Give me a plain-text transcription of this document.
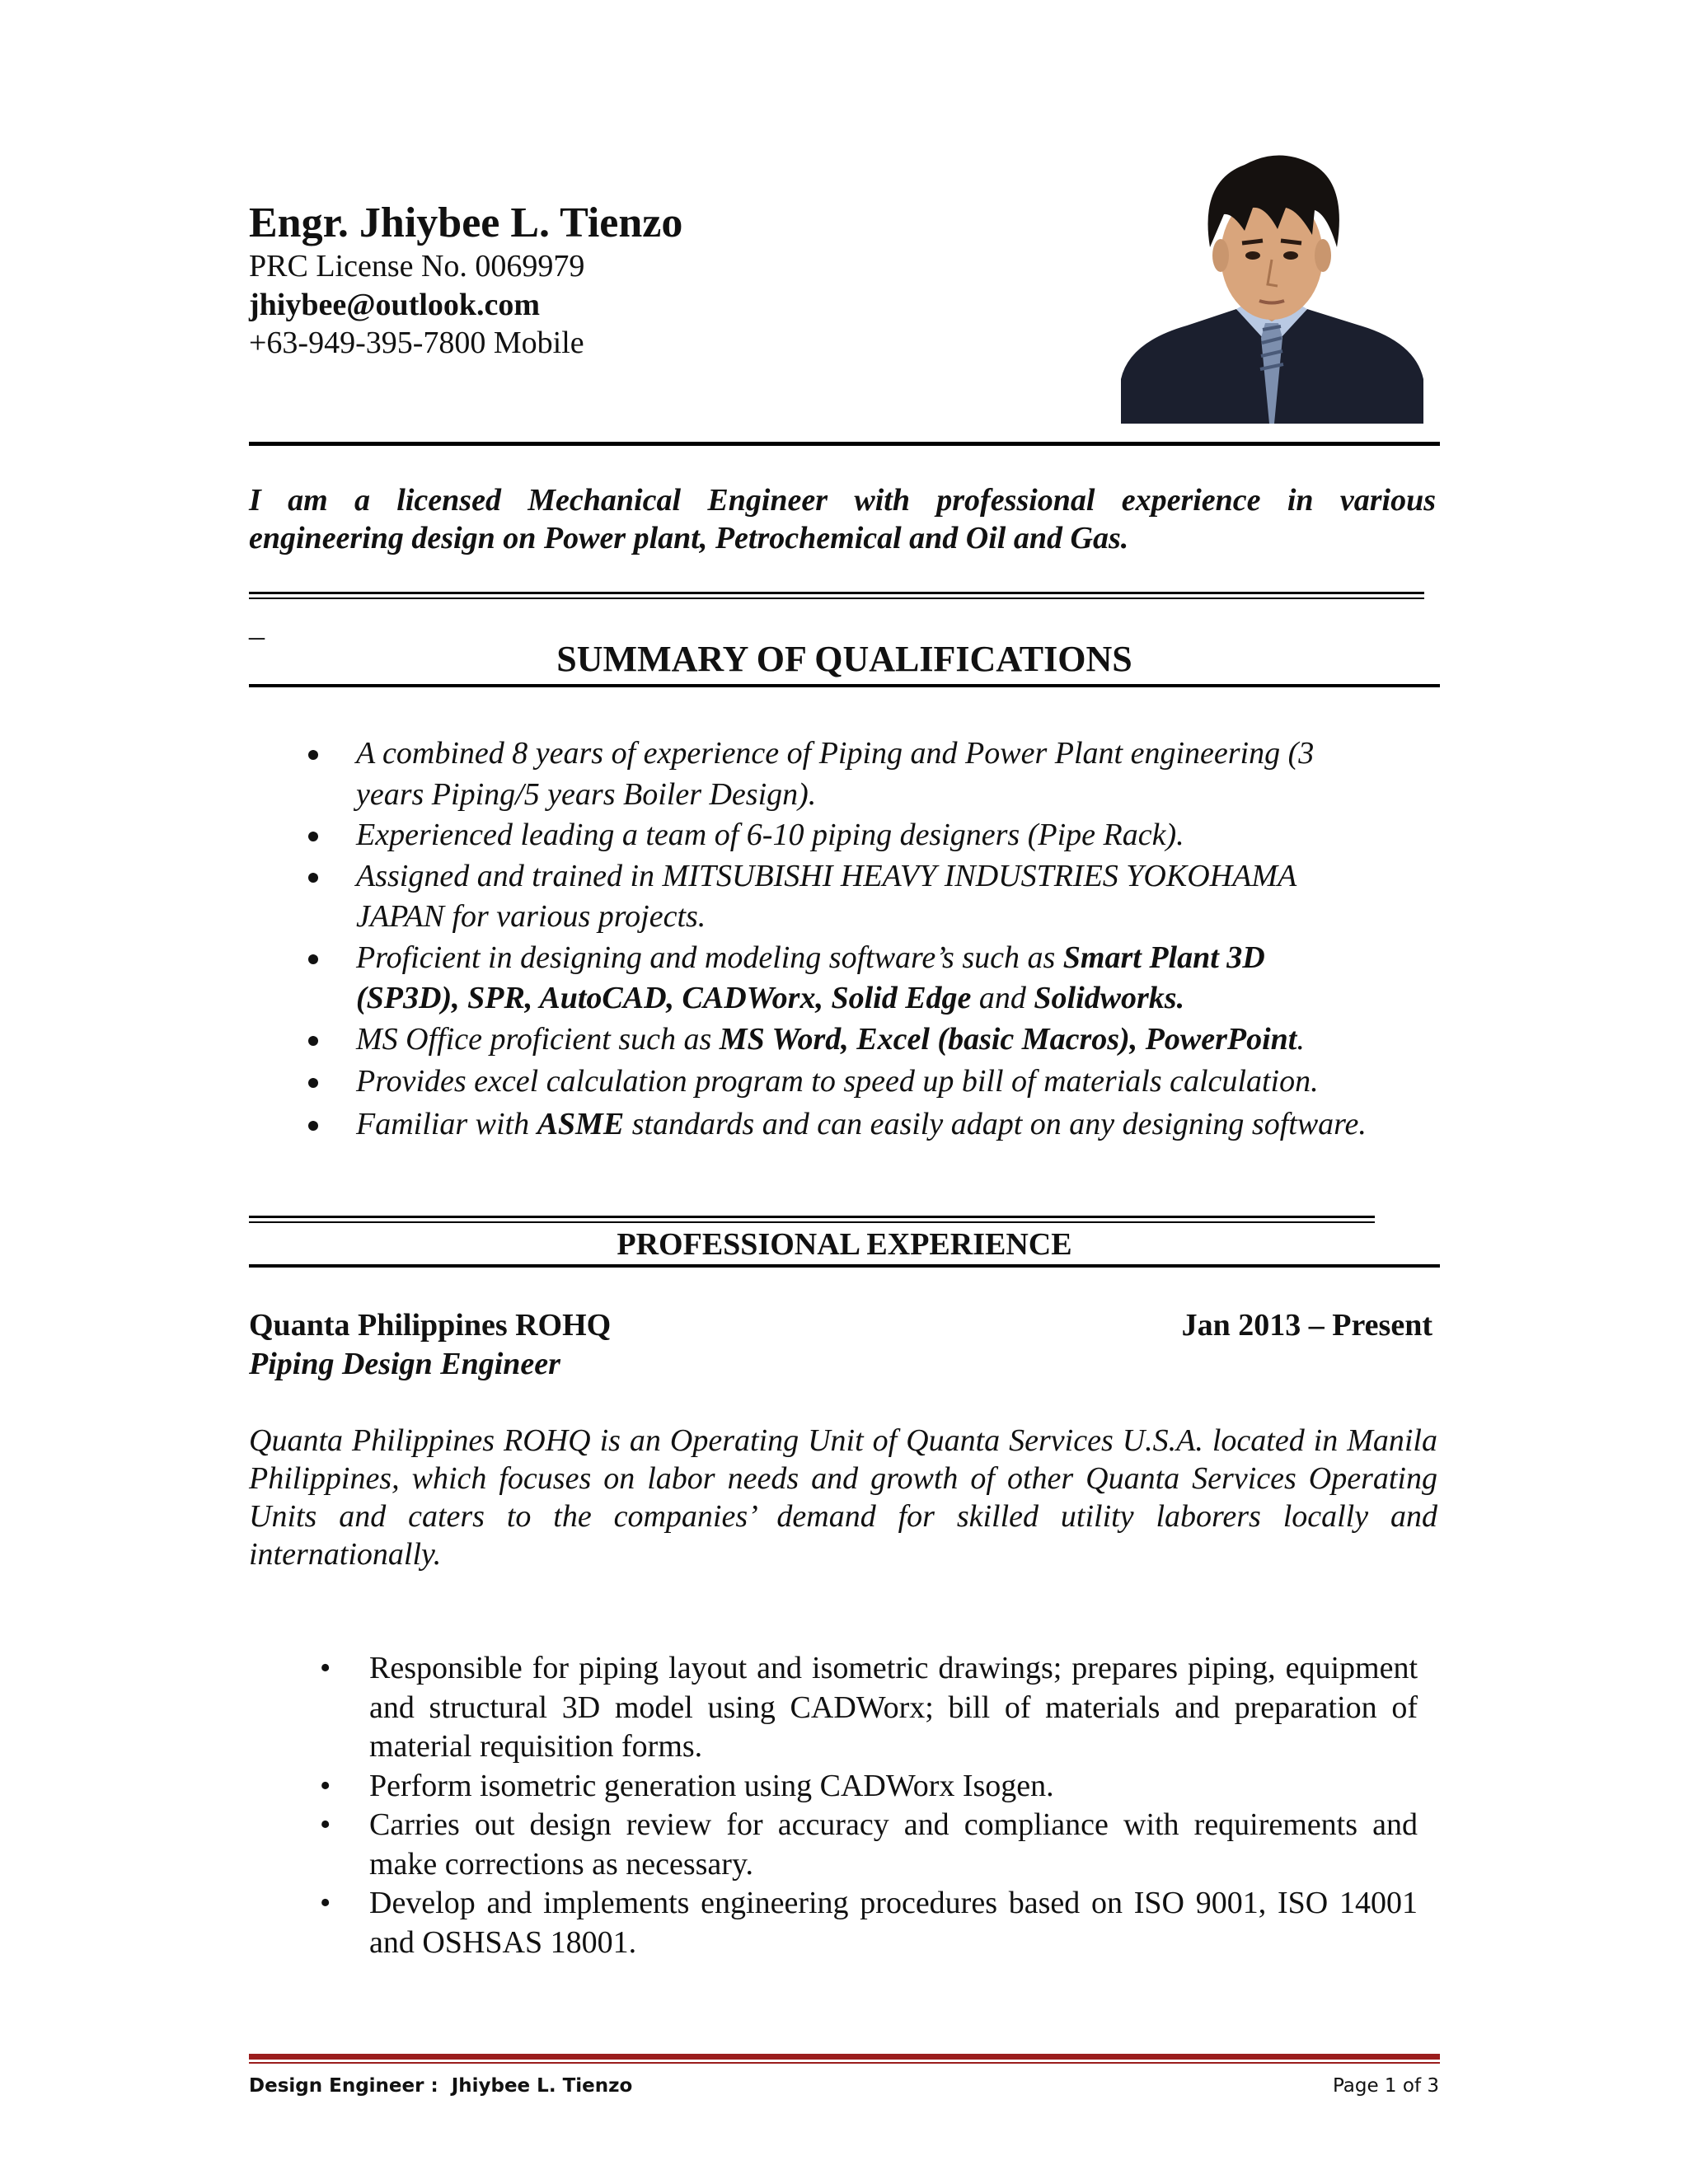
Engr. Jhiybee L. Tienzo
PRC License No. 0069979
jhiybee@outlook.com
+63-949-395-7800 Mobile

I am a licensed Mechanical Engineer with professional experience in various
engineering design on Power plant, Petrochemical and Oil and Gas.

_
SUMMARY OF QUALIFICATIONS
A combined 8 years of experience of Piping and Power Plant engineering (3
years Piping/5 years Boiler Design).
Experienced leading a team of 6-10 piping designers (Pipe Rack).
Assigned and trained in MITSUBISHI HEAVY INDUSTRIES YOKOHAMA
JAPAN for various projects.
Proficient in designing and modeling software’s such as Smart Plant 3D
(SP3D), SPR, AutoCAD, CADWorx, Solid Edge and Solidworks.
MS Office proficient such as MS Word, Excel (basic Macros), PowerPoint.
Provides excel calculation program to speed up bill of materials calculation.
Familiar with ASME standards and can easily adapt on any designing software.
PROFESSIONAL EXPERIENCE
Quanta Philippines ROHQ
Piping Design Engineer
Jan 2013 – Present

Quanta Philippines ROHQ is an Operating Unit of Quanta Services U.S.A. located in Manila Philippines, which focuses on labor needs and growth of other Quanta Services Operating Units and caters to the companies’ demand for skilled utility laborers locally and internationally.

• Responsible for piping layout and isometric drawings; prepares piping, equipment and structural 3D model using CADWorx; bill of materials and preparation of material requisition forms.
• Perform isometric generation using CADWorx Isogen.
• Carries out design review for accuracy and compliance with requirements and make corrections as necessary.
• Develop and implements engineering procedures based on ISO 9001, ISO 14001 and OSHSAS 18001.
Design Engineer : Jhiybee L. Tienzo	Page 1 of 3
